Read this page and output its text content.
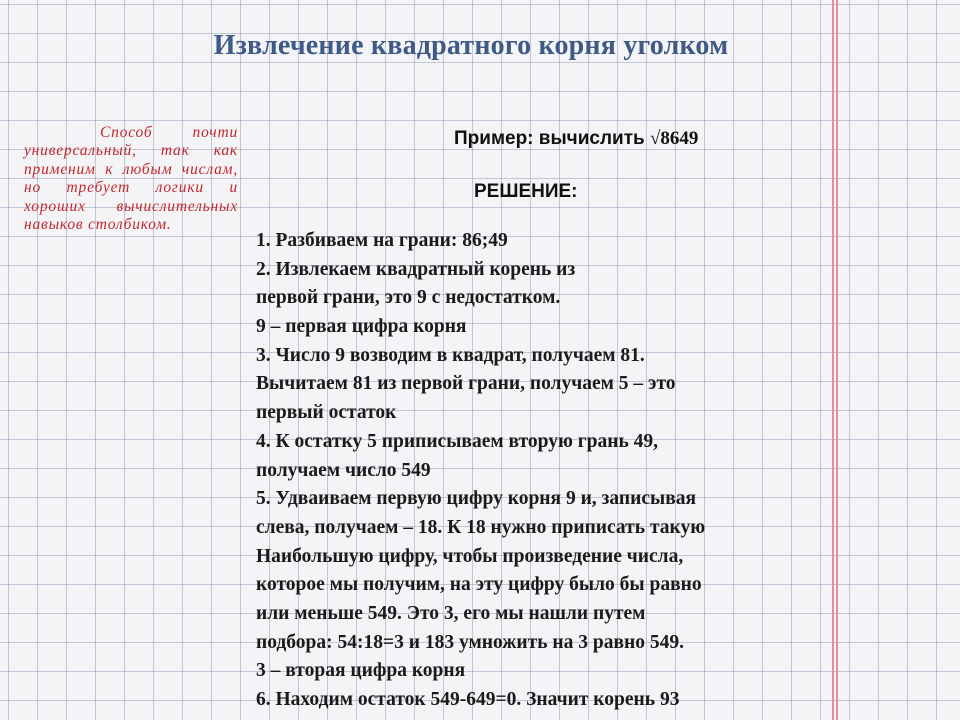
Извлечение квадратного корня уголком
Способ почти универсальный, так как применим к любым числам, но требует логики и хороших вычислительных навыков столбиком.
Пример: вычислить √8649
РЕШЕНИЕ:
1. Разбиваем на грани: 86;49
2. Извлекаем квадратный корень из
первой грани, это 9 с недостатком.
9 – первая цифра корня
3. Число 9 возводим в квадрат, получаем 81.
Вычитаем 81 из первой грани, получаем 5 – это
первый остаток
4. К остатку 5 приписываем вторую грань 49,
получаем число 549
5. Удваиваем первую цифру корня 9 и, записывая
слева, получаем – 18. К 18 нужно приписать такую
Наибольшую цифру, чтобы произведение числа,
которое мы получим, на эту цифру было бы равно
или меньше 549. Это 3, его мы нашли путем
подбора: 54:18=3 и 183 умножить на 3 равно 549.
3 – вторая цифра корня
6. Находим остаток 549-649=0. Значит корень 93
